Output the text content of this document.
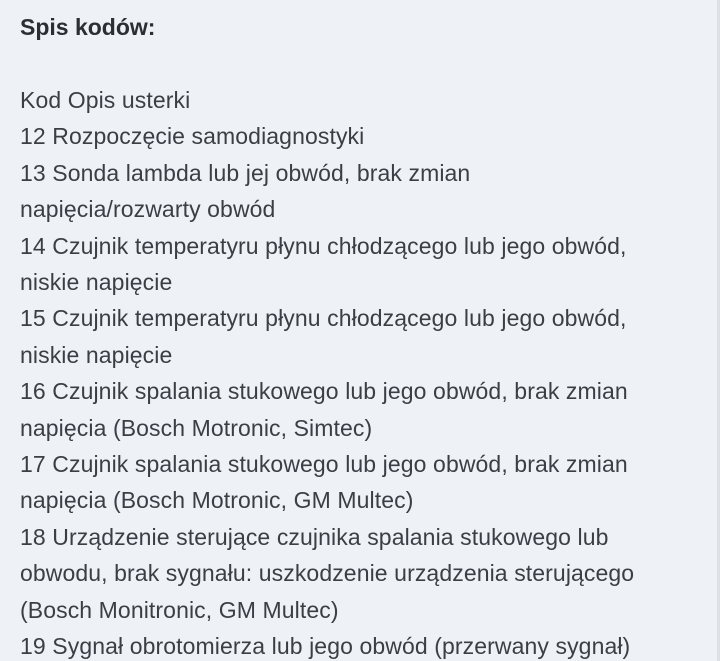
Spis kodów:
Kod Opis usterki
12 Rozpoczęcie samodiagnostyki
13 Sonda lambda lub jej obwód, brak zmian
napięcia/rozwarty obwód
14 Czujnik temperatyru płynu chłodzącego lub jego obwód,
niskie napięcie
15 Czujnik temperatyru płynu chłodzącego lub jego obwód,
niskie napięcie
16 Czujnik spalania stukowego lub jego obwód, brak zmian
napięcia (Bosch Motronic, Simtec)
17 Czujnik spalania stukowego lub jego obwód, brak zmian
napięcia (Bosch Motronic, GM Multec)
18 Urządzenie sterujące czujnika spalania stukowego lub
obwodu, brak sygnału: uszkodzenie urządzenia sterującego
(Bosch Monitronic, GM Multec)
19 Sygnał obrotomierza lub jego obwód (przerwany sygnał)
